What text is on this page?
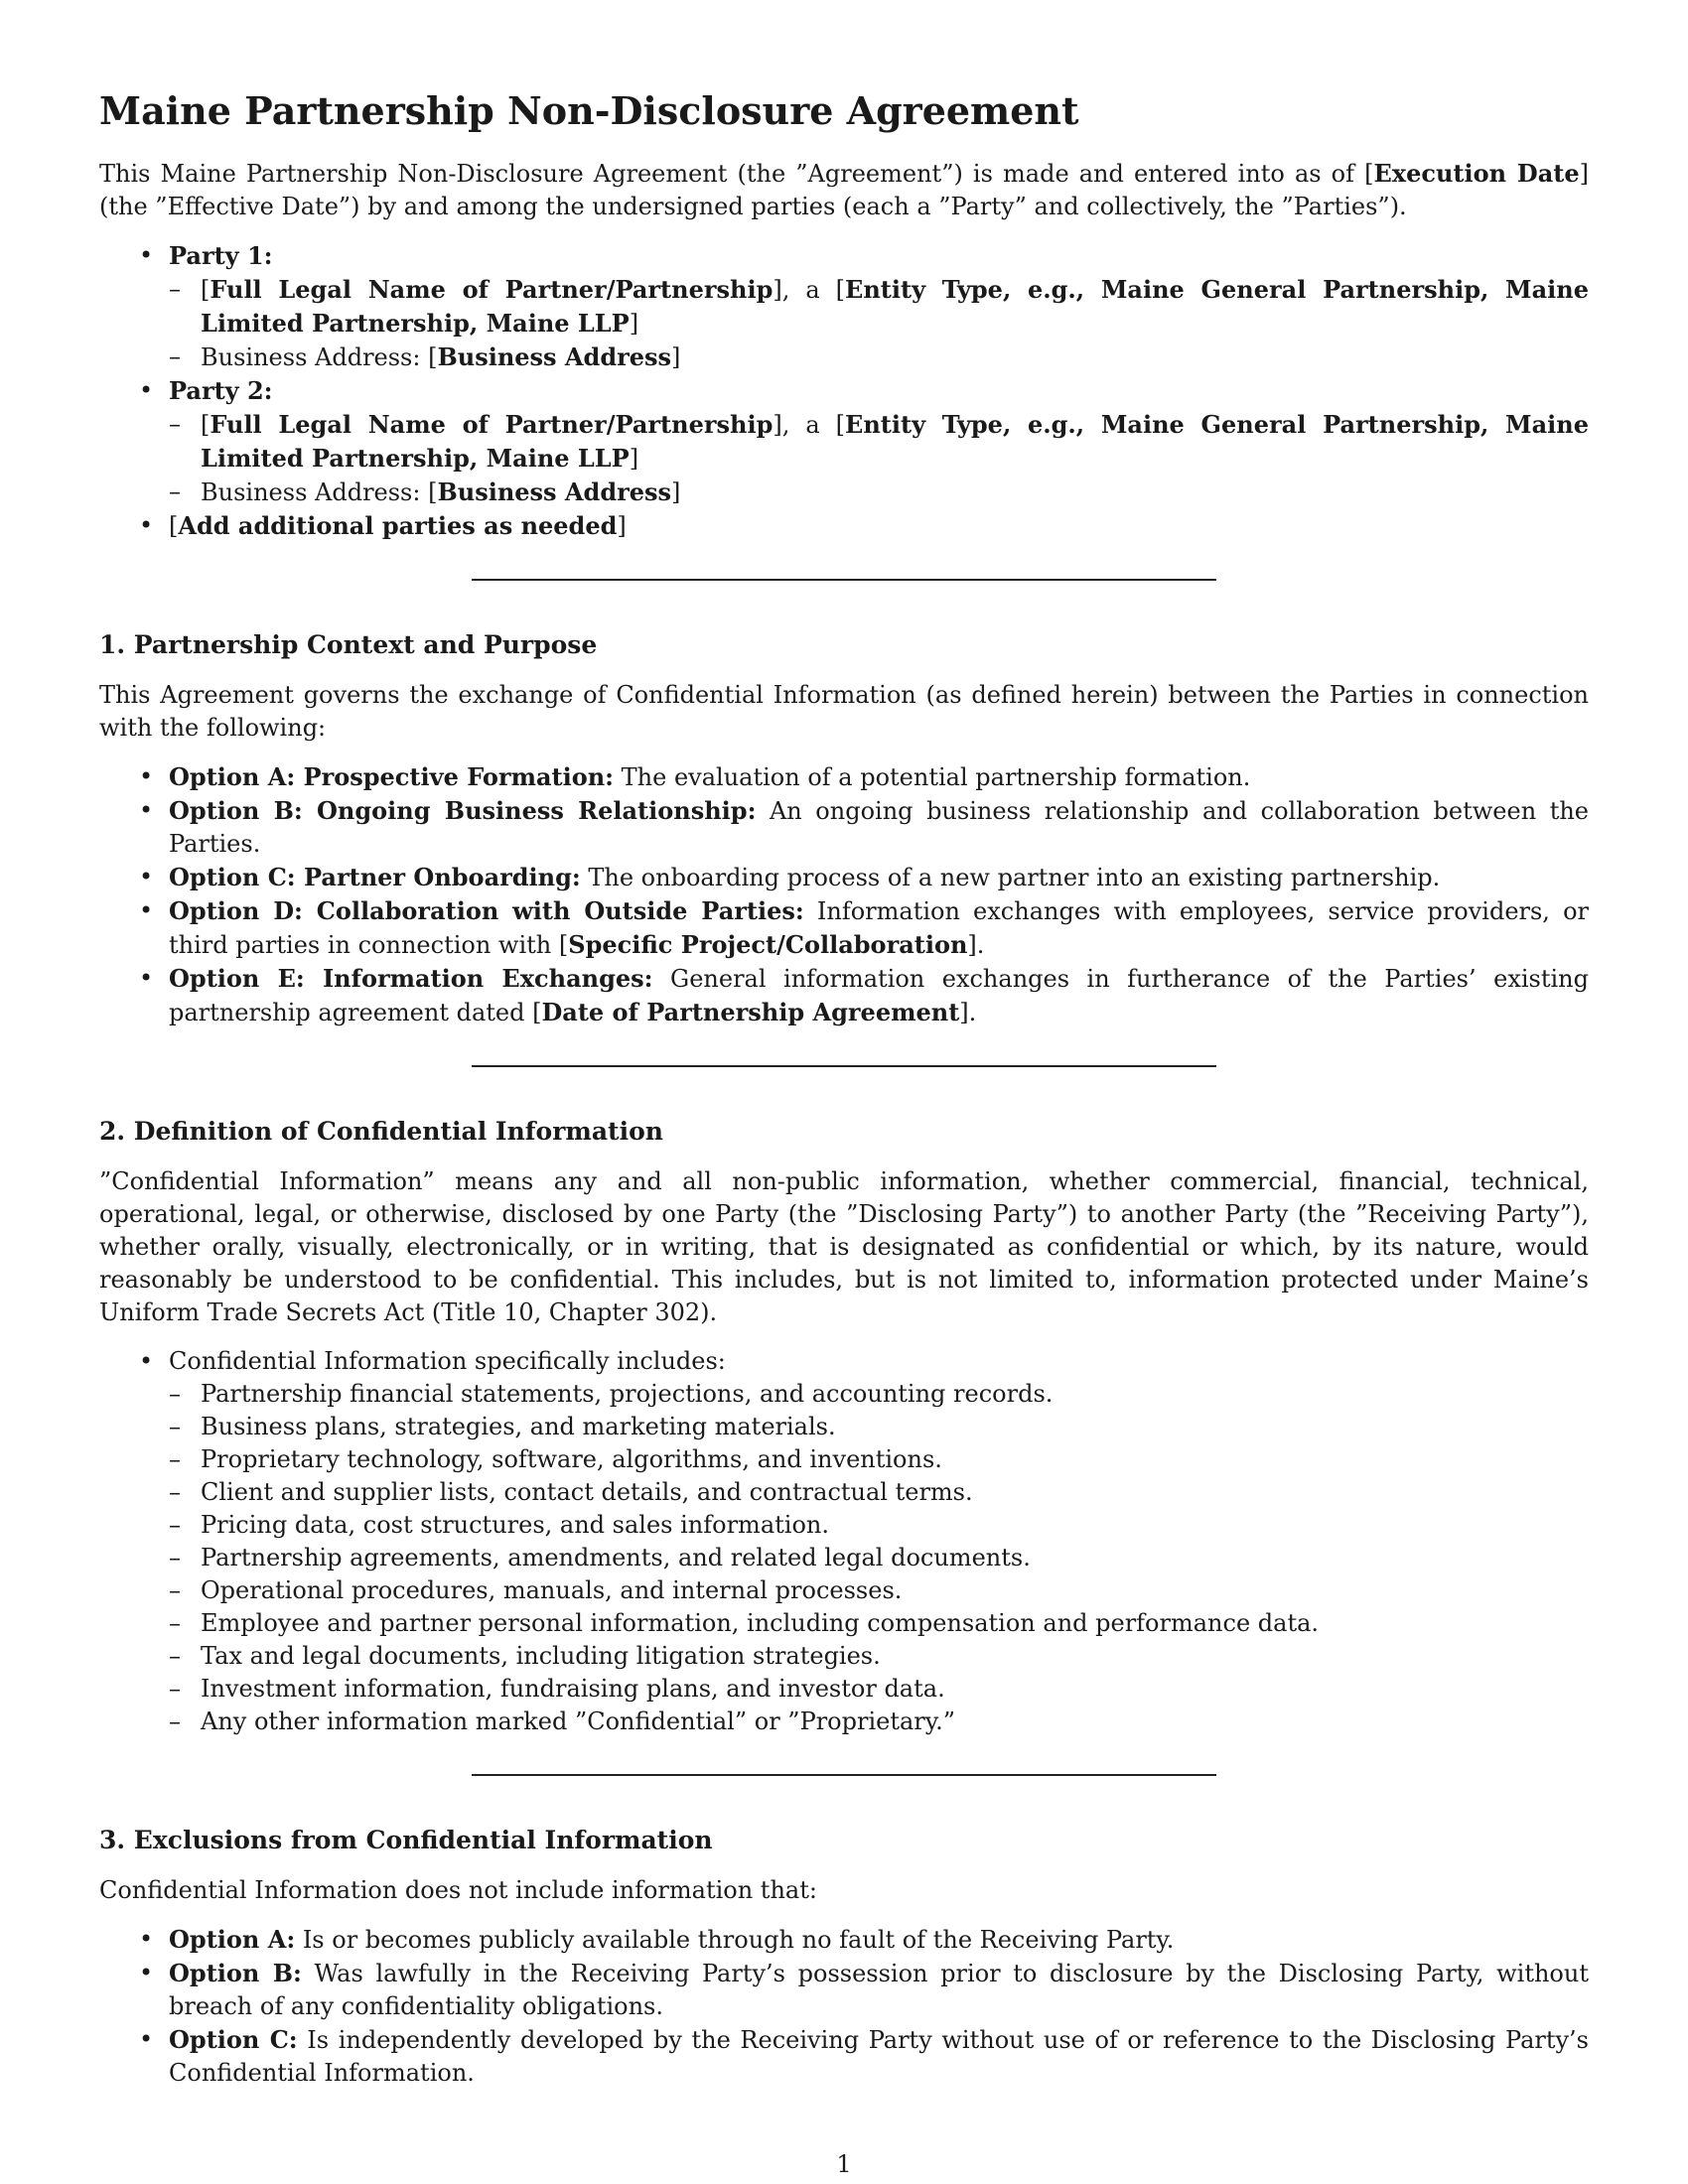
Maine Partnership Non-Disclosure Agreement

This Maine Partnership Non-Disclosure Agreement (the ”Agreement”) is made and entered into as of [Execution Date] (the ”Effective Date”) by and among the undersigned parties (each a ”Party” and collectively, the ”Parties”).

• Party 1:
– [Full Legal Name of Partner/Partnership], a [Entity Type, e.g., Maine General Partnership, Maine Limited Partnership, Maine LLP]
– Business Address: [Business Address]
• Party 2:
– [Full Legal Name of Partner/Partnership], a [Entity Type, e.g., Maine General Partnership, Maine Limited Partnership, Maine LLP]
– Business Address: [Business Address]
• [Add additional parties as needed]
1. Partnership Context and Purpose

This Agreement governs the exchange of Confidential Information (as defined herein) between the Parties in connection with the following:

• Option A: Prospective Formation: The evaluation of a potential partnership formation.
• Option B: Ongoing Business Relationship: An ongoing business relationship and collaboration between the Parties.
• Option C: Partner Onboarding: The onboarding process of a new partner into an existing partnership.
• Option D: Collaboration with Outside Parties: Information exchanges with employees, service providers, or third parties in connection with [Specific Project/Collaboration].
• Option E: Information Exchanges: General information exchanges in furtherance of the Parties’ existing partnership agreement dated [Date of Partnership Agreement].
2. Definition of Confidential Information

”Confidential Information” means any and all non-public information, whether commercial, financial, technical, operational, legal, or otherwise, disclosed by one Party (the ”Disclosing Party”) to another Party (the ”Receiving Party”), whether orally, visually, electronically, or in writing, that is designated as confidential or which, by its nature, would reasonably be understood to be confidential. This includes, but is not limited to, information protected under Maine’s Uniform Trade Secrets Act (Title 10, Chapter 302).

• Confidential Information specifically includes:
– Partnership financial statements, projections, and accounting records.
– Business plans, strategies, and marketing materials.
– Proprietary technology, software, algorithms, and inventions.
– Client and supplier lists, contact details, and contractual terms.
– Pricing data, cost structures, and sales information.
– Partnership agreements, amendments, and related legal documents.
– Operational procedures, manuals, and internal processes.
– Employee and partner personal information, including compensation and performance data.
– Tax and legal documents, including litigation strategies.
– Investment information, fundraising plans, and investor data.
– Any other information marked ”Confidential” or ”Proprietary.”
3. Exclusions from Confidential Information

Confidential Information does not include information that:

• Option A: Is or becomes publicly available through no fault of the Receiving Party.
• Option B: Was lawfully in the Receiving Party’s possession prior to disclosure by the Disclosing Party, without breach of any confidentiality obligations.
• Option C: Is independently developed by the Receiving Party without use of or reference to the Disclosing Party’s Confidential Information.
1
